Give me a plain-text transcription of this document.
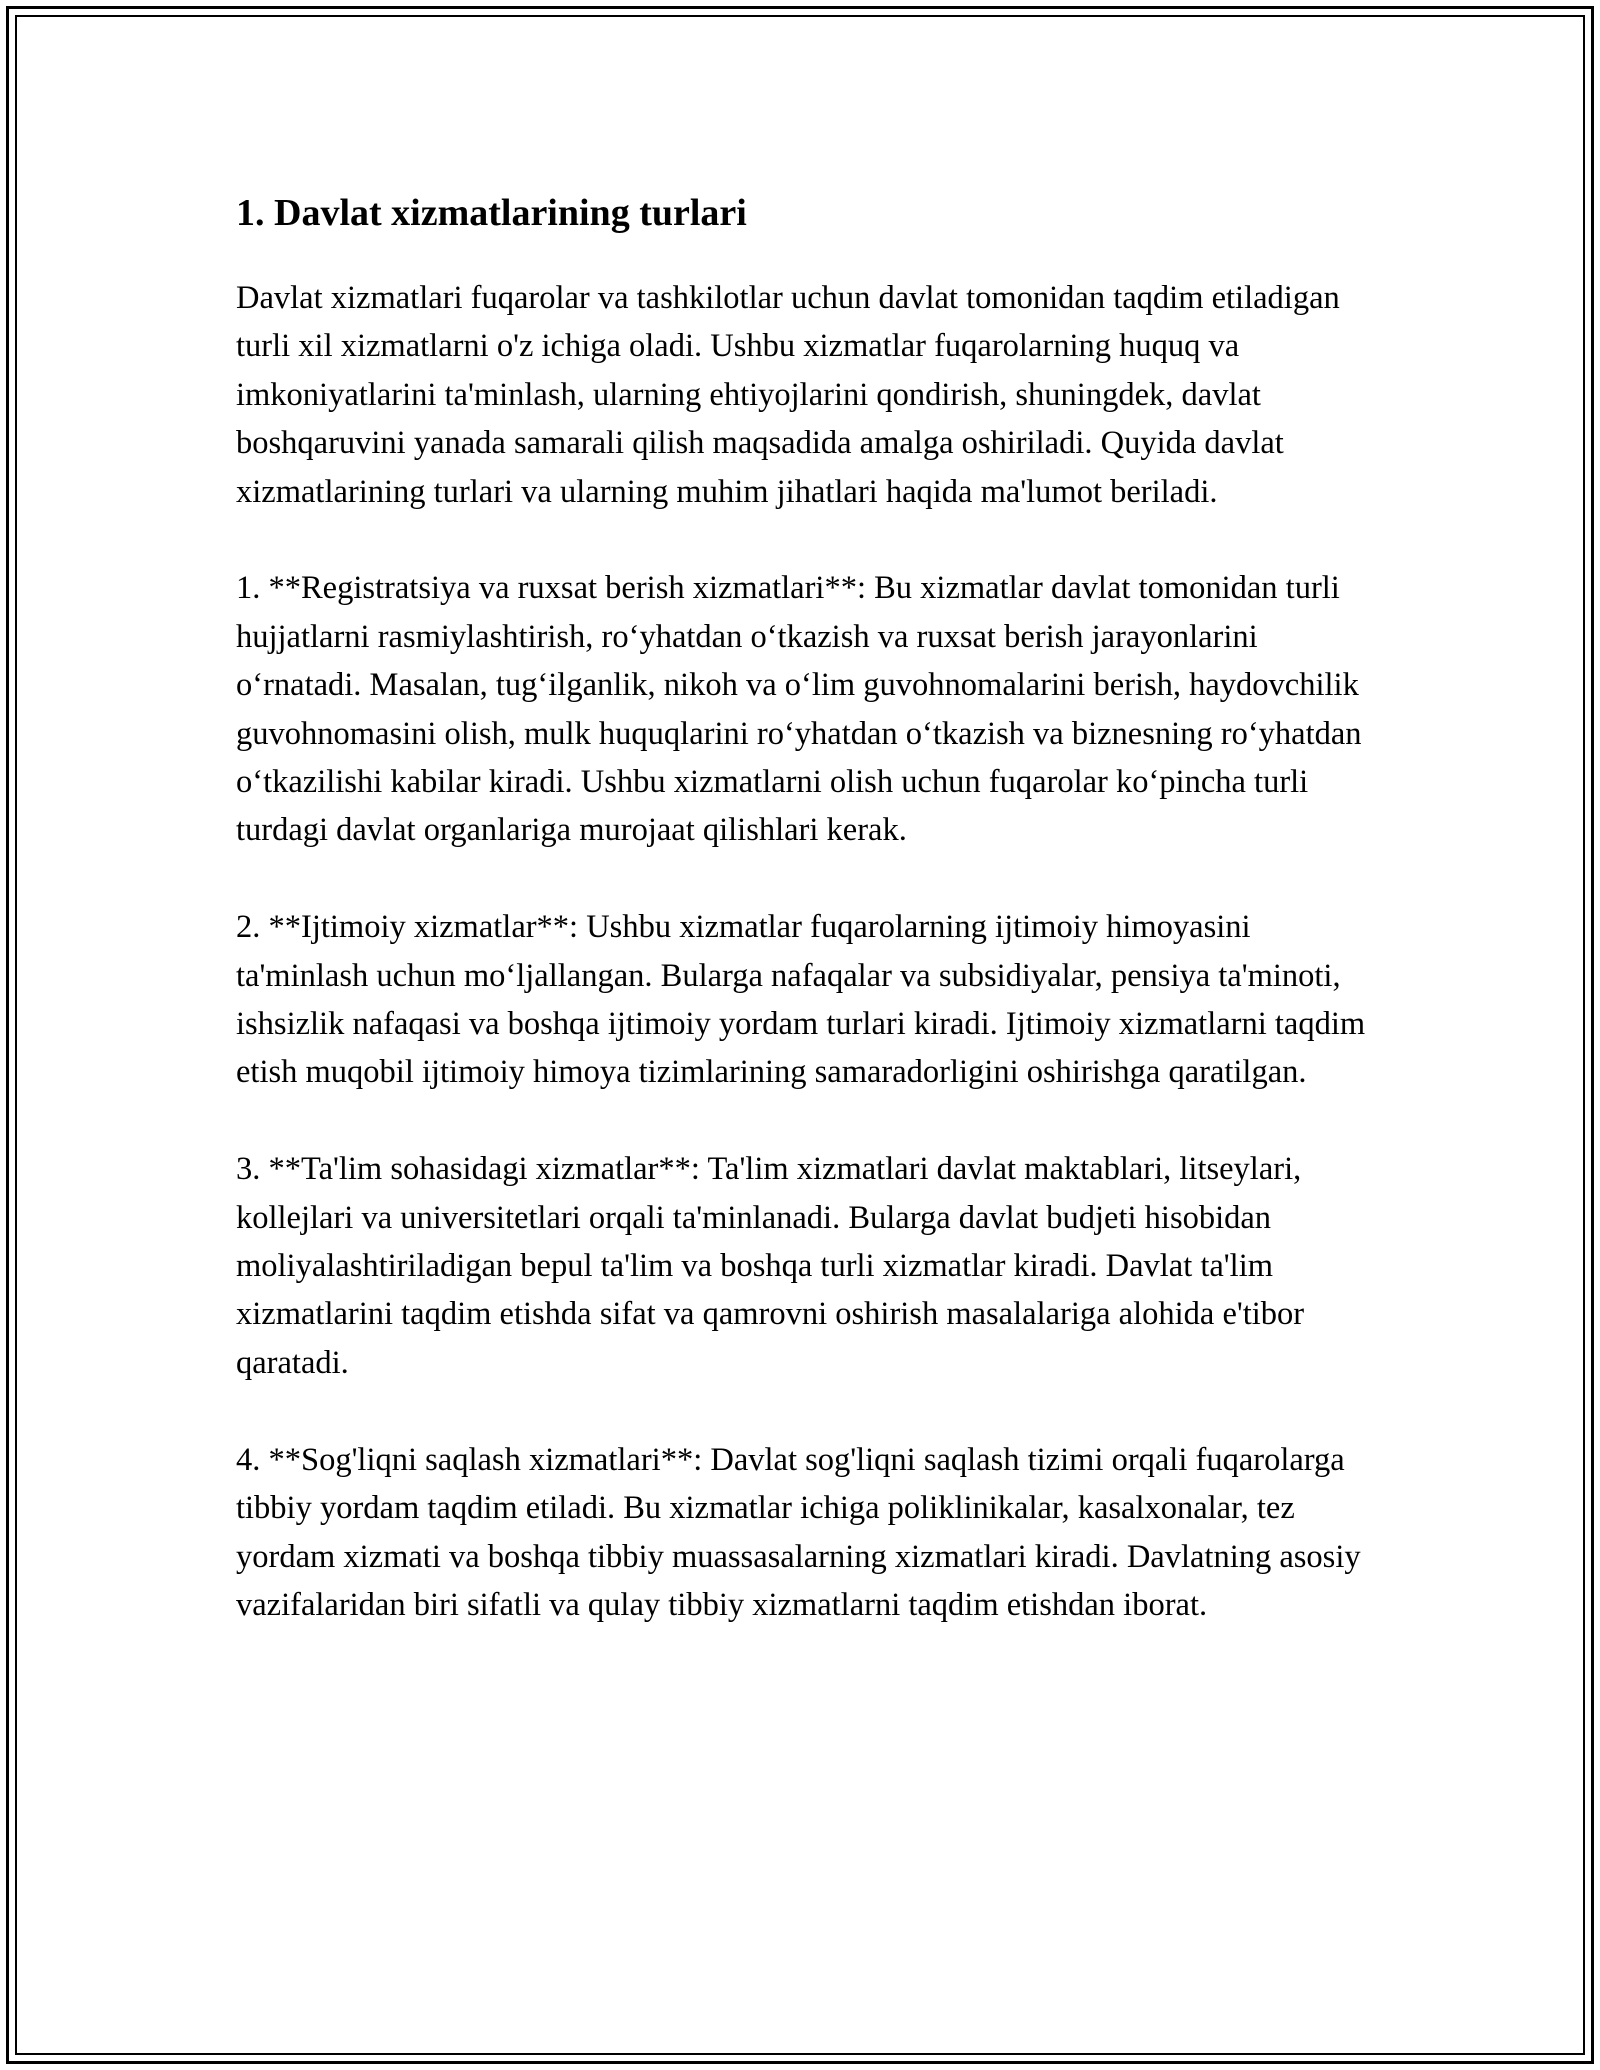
1. Davlat xizmatlarining turlari

Davlat xizmatlari fuqarolar va tashkilotlar uchun davlat tomonidan taqdim etiladigan turli xil xizmatlarni o'z ichiga oladi. Ushbu xizmatlar fuqarolarning huquq va imkoniyatlarini ta'minlash, ularning ehtiyojlarini qondirish, shuningdek, davlat boshqaruvini yanada samarali qilish maqsadida amalga oshiriladi. Quyida davlat xizmatlarining turlari va ularning muhim jihatlari haqida ma'lumot beriladi.

1. **Registratsiya va ruxsat berish xizmatlari**: Bu xizmatlar davlat tomonidan turli hujjatlarni rasmiylashtirish, roʻyhatdan oʻtkazish va ruxsat berish jarayonlarini oʻrnatadi. Masalan, tugʻilganlik, nikoh va oʻlim guvohnomalarini berish, haydovchilik guvohnomasini olish, mulk huquqlarini roʻyhatdan oʻtkazish va biznesning roʻyhatdan oʻtkazilishi kabilar kiradi. Ushbu xizmatlarni olish uchun fuqarolar koʻpincha turli turdagi davlat organlariga murojaat qilishlari kerak.

2. **Ijtimoiy xizmatlar**: Ushbu xizmatlar fuqarolarning ijtimoiy himoyasini ta'minlash uchun moʻljallangan. Bularga nafaqalar va subsidiyalar, pensiya ta'minoti, ishsizlik nafaqasi va boshqa ijtimoiy yordam turlari kiradi. Ijtimoiy xizmatlarni taqdim etish muqobil ijtimoiy himoya tizimlarining samaradorligini oshirishga qaratilgan.

3. **Ta'lim sohasidagi xizmatlar**: Ta'lim xizmatlari davlat maktablari, litseylari, kollejlari va universitetlari orqali ta'minlanadi. Bularga davlat budjeti hisobidan moliyalashtiriladigan bepul ta'lim va boshqa turli xizmatlar kiradi. Davlat ta'lim xizmatlarini taqdim etishda sifat va qamrovni oshirish masalalariga alohida e'tibor qaratadi.

4. **Sog'liqni saqlash xizmatlari**: Davlat sog'liqni saqlash tizimi orqali fuqarolarga tibbiy yordam taqdim etiladi. Bu xizmatlar ichiga poliklinikalar, kasalxonalar, tez yordam xizmati va boshqa tibbiy muassasalarning xizmatlari kiradi. Davlatning asosiy vazifalaridan biri sifatli va qulay tibbiy xizmatlarni taqdim etishdan iborat.
